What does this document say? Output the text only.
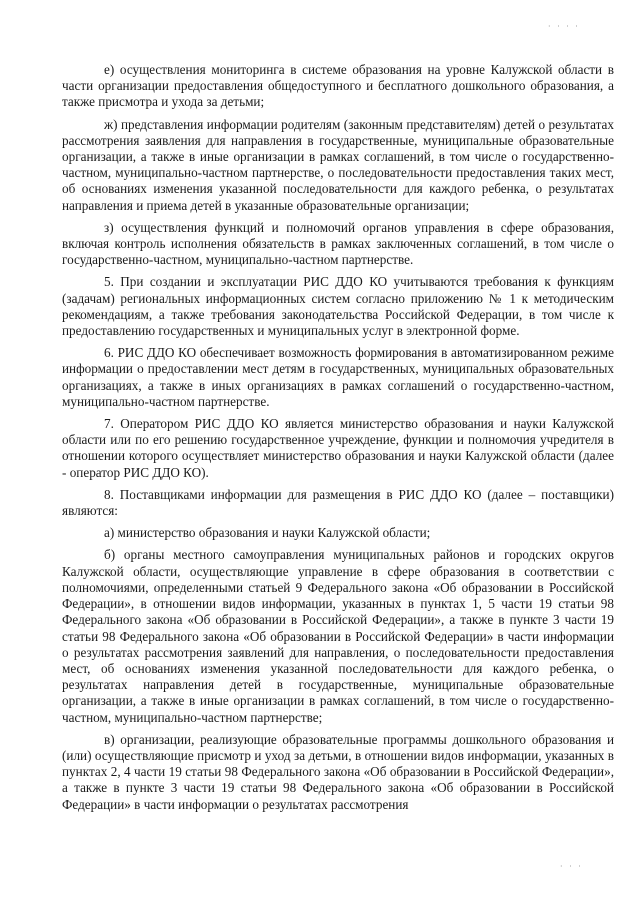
· · · ·
· · ·

е) осуществления мониторинга в системе образования на уровне Калужской области в части организации предоставления общедоступного и бесплатного дошкольного образования, а также присмотра и ухода за детьми;

ж) представления информации родителям (законным представителям) детей о результатах рассмотрения заявления для направления в государственные, муниципальные образовательные организации, а также в иные организации в рамках соглашений, в том числе о государственно-частном, муниципально-частном партнерстве, о последовательности предоставления таких мест, об основаниях изменения указанной последовательности для каждого ребенка, о результатах направления и приема детей в указанные образовательные организации;

з) осуществления функций и полномочий органов управления в сфере образования, включая контроль исполнения обязательств в рамках заключенных соглашений, в том числе о государственно-частном, муниципально-частном партнерстве.

5. При создании и эксплуатации РИС ДДО КО учитываются требования к функциям (задачам) региональных информационных систем согласно приложению № 1 к методическим рекомендациям, а также требования законодательства Российской Федерации, в том числе к предоставлению государственных и муниципальных услуг в электронной форме.

6. РИС ДДО КО обеспечивает возможность формирования в автоматизированном режиме информации о предоставлении мест детям в государственных, муниципальных образовательных организациях, а также в иных организациях в рамках соглашений о государственно-частном, муниципально-частном партнерстве.

7. Оператором РИС ДДО КО является министерство образования и науки Калужской области или по его решению государственное учреждение, функции и полномочия учредителя в отношении которого осуществляет министерство образования и науки Калужской области (далее - оператор РИС ДДО КО).

8. Поставщиками информации для размещения в РИС ДДО КО (далее – поставщики) являются:

а) министерство образования и науки Калужской области;

б) органы местного самоуправления муниципальных районов и городских округов Калужской области, осуществляющие управление в сфере образования в соответствии с полномочиями, определенными статьей 9 Федерального закона «Об образовании в Российской Федерации», в отношении видов информации, указанных в пунктах 1, 5 части 19 статьи 98 Федерального закона «Об образовании в Российской Федерации», а также в пункте 3 части 19 статьи 98 Федерального закона «Об образовании в Российской Федерации» в части информации о результатах рассмотрения заявлений для направления, о последовательности предоставления мест, об основаниях изменения указанной последовательности для каждого ребенка, о результатах направления детей в государственные, муниципальные образовательные организации, а также в иные организации в рамках соглашений, в том числе о государственно-частном, муниципально-частном партнерстве;

в) организации, реализующие образовательные программы дошкольного образования и (или) осуществляющие присмотр и уход за детьми, в отношении видов информации, указанных в пунктах 2, 4 части 19 статьи 98 Федерального закона «Об образовании в Российской Федерации», а также в пункте 3 части 19 статьи 98 Федерального закона «Об образовании в Российской Федерации» в части информации о результатах рассмотрения
